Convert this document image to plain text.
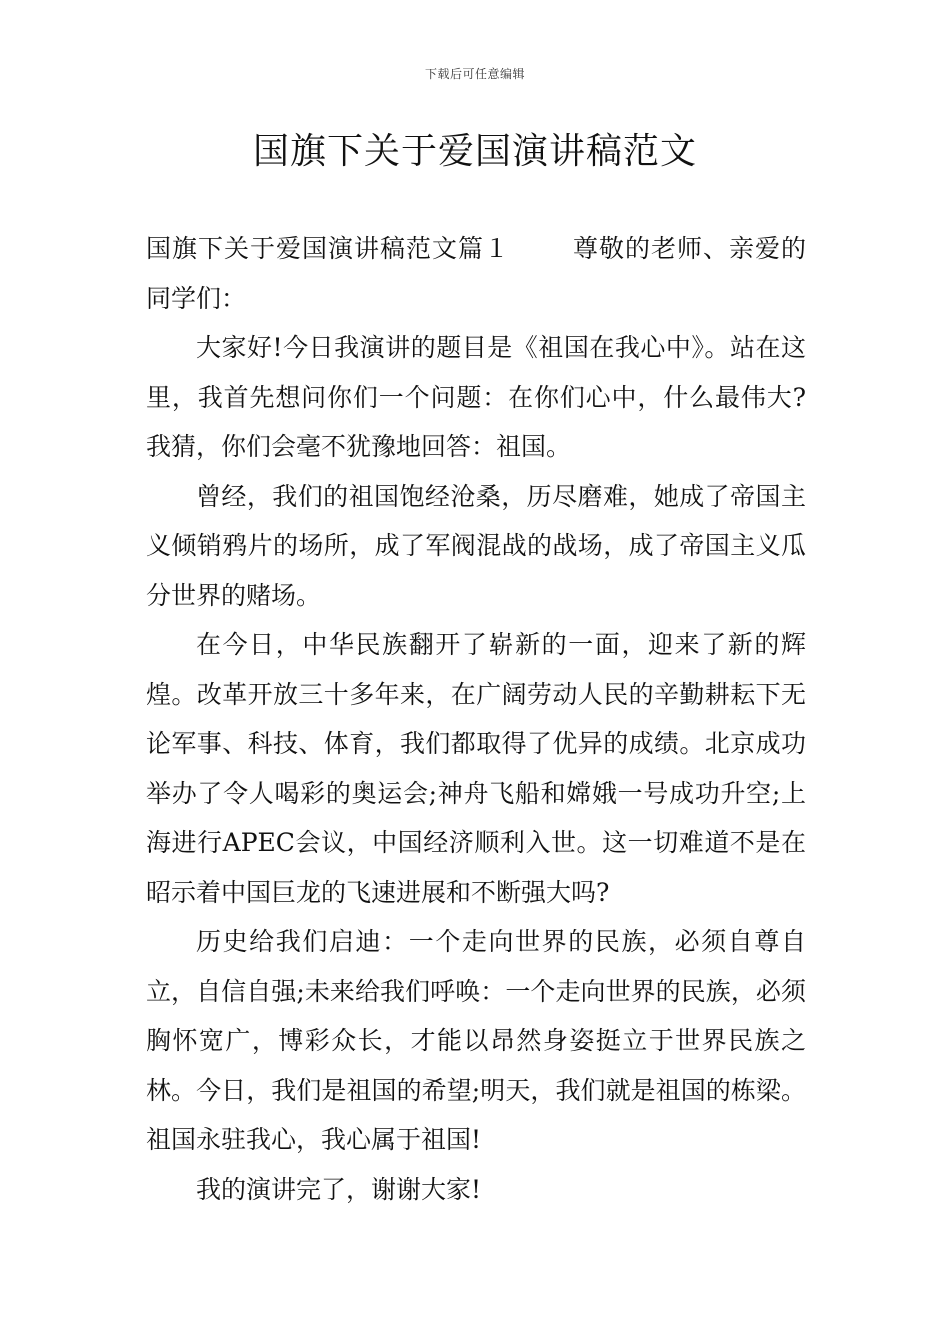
下载后可任意编辑
国旗下关于爱国演讲稿范文

国旗下关于爱国演讲稿范文篇１ 尊敬的老师、亲爱的同学们：

大家好!今日我演讲的题目是《祖国在我心中》。站在这里，我首先想问你们一个问题：在你们心中，什么最伟大?我猜，你们会毫不犹豫地回答：祖国。

曾经，我们的祖国饱经沧桑，历尽磨难，她成了帝国主义倾销鸦片的场所，成了军阀混战的战场，成了帝国主义瓜分世界的赌场。

在今日，中华民族翻开了崭新的一面，迎来了新的辉煌。改革开放三十多年来，在广阔劳动人民的辛勤耕耘下无论军事、科技、体育，我们都取得了优异的成绩。北京成功举办了令人喝彩的奥运会;神舟飞船和嫦娥一号成功升空;上海进行APEC会议，中国经济顺利入世。这一切难道不是在昭示着中国巨龙的飞速进展和不断强大吗?

历史给我们启迪：一个走向世界的民族，必须自尊自立，自信自强;未来给我们呼唤：一个走向世界的民族，必须胸怀宽广，博彩众长，才能以昂然身姿挺立于世界民族之林。今日，我们是祖国的希望;明天，我们就是祖国的栋梁。祖国永驻我心，我心属于祖国!

我的演讲完了，谢谢大家!
